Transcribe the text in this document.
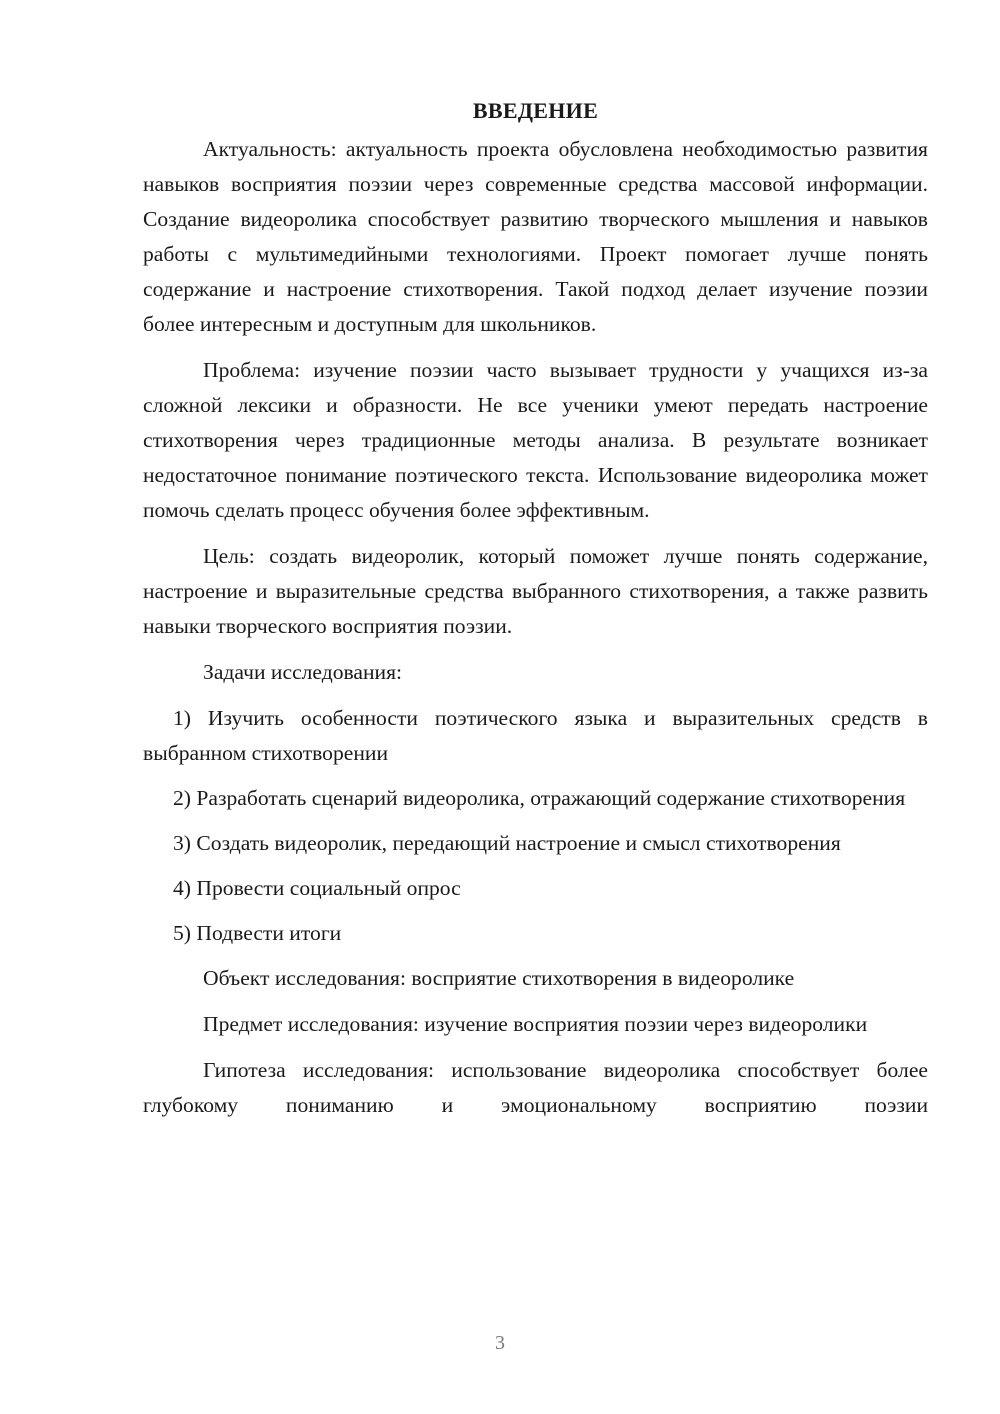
ВВЕДЕНИЕ

Актуальность: актуальность проекта обусловлена необходимостью развития навыков восприятия поэзии через современные средства массовой информации. Создание видеоролика способствует развитию творческого мышления и навыков работы с мультимедийными технологиями. Проект помогает лучше понять содержание и настроение стихотворения. Такой подход делает изучение поэзии более интересным и доступным для школьников.

Проблема: изучение поэзии часто вызывает трудности у учащихся из-за сложной лексики и образности. Не все ученики умеют передать настроение стихотворения через традиционные методы анализа. В результате возникает недостаточное понимание поэтического текста. Использование видеоролика может помочь сделать процесс обучения более эффективным.

Цель: создать видеоролик, который поможет лучше понять содержание, настроение и выразительные средства выбранного стихотворения, а также развить навыки творческого восприятия поэзии.

Задачи исследования:

1) Изучить особенности поэтического языка и выразительных средств в выбранном стихотворении

2) Разработать сценарий видеоролика, отражающий содержание стихотворения

3) Создать видеоролик, передающий настроение и смысл стихотворения

4) Провести социальный опрос

5) Подвести итоги

Объект исследования: восприятие стихотворения в видеоролике

Предмет исследования: изучение восприятия поэзии через видеоролики

Гипотеза исследования: использование видеоролика способствует более глубокому пониманию и эмоциональному восприятию поэзии

3
